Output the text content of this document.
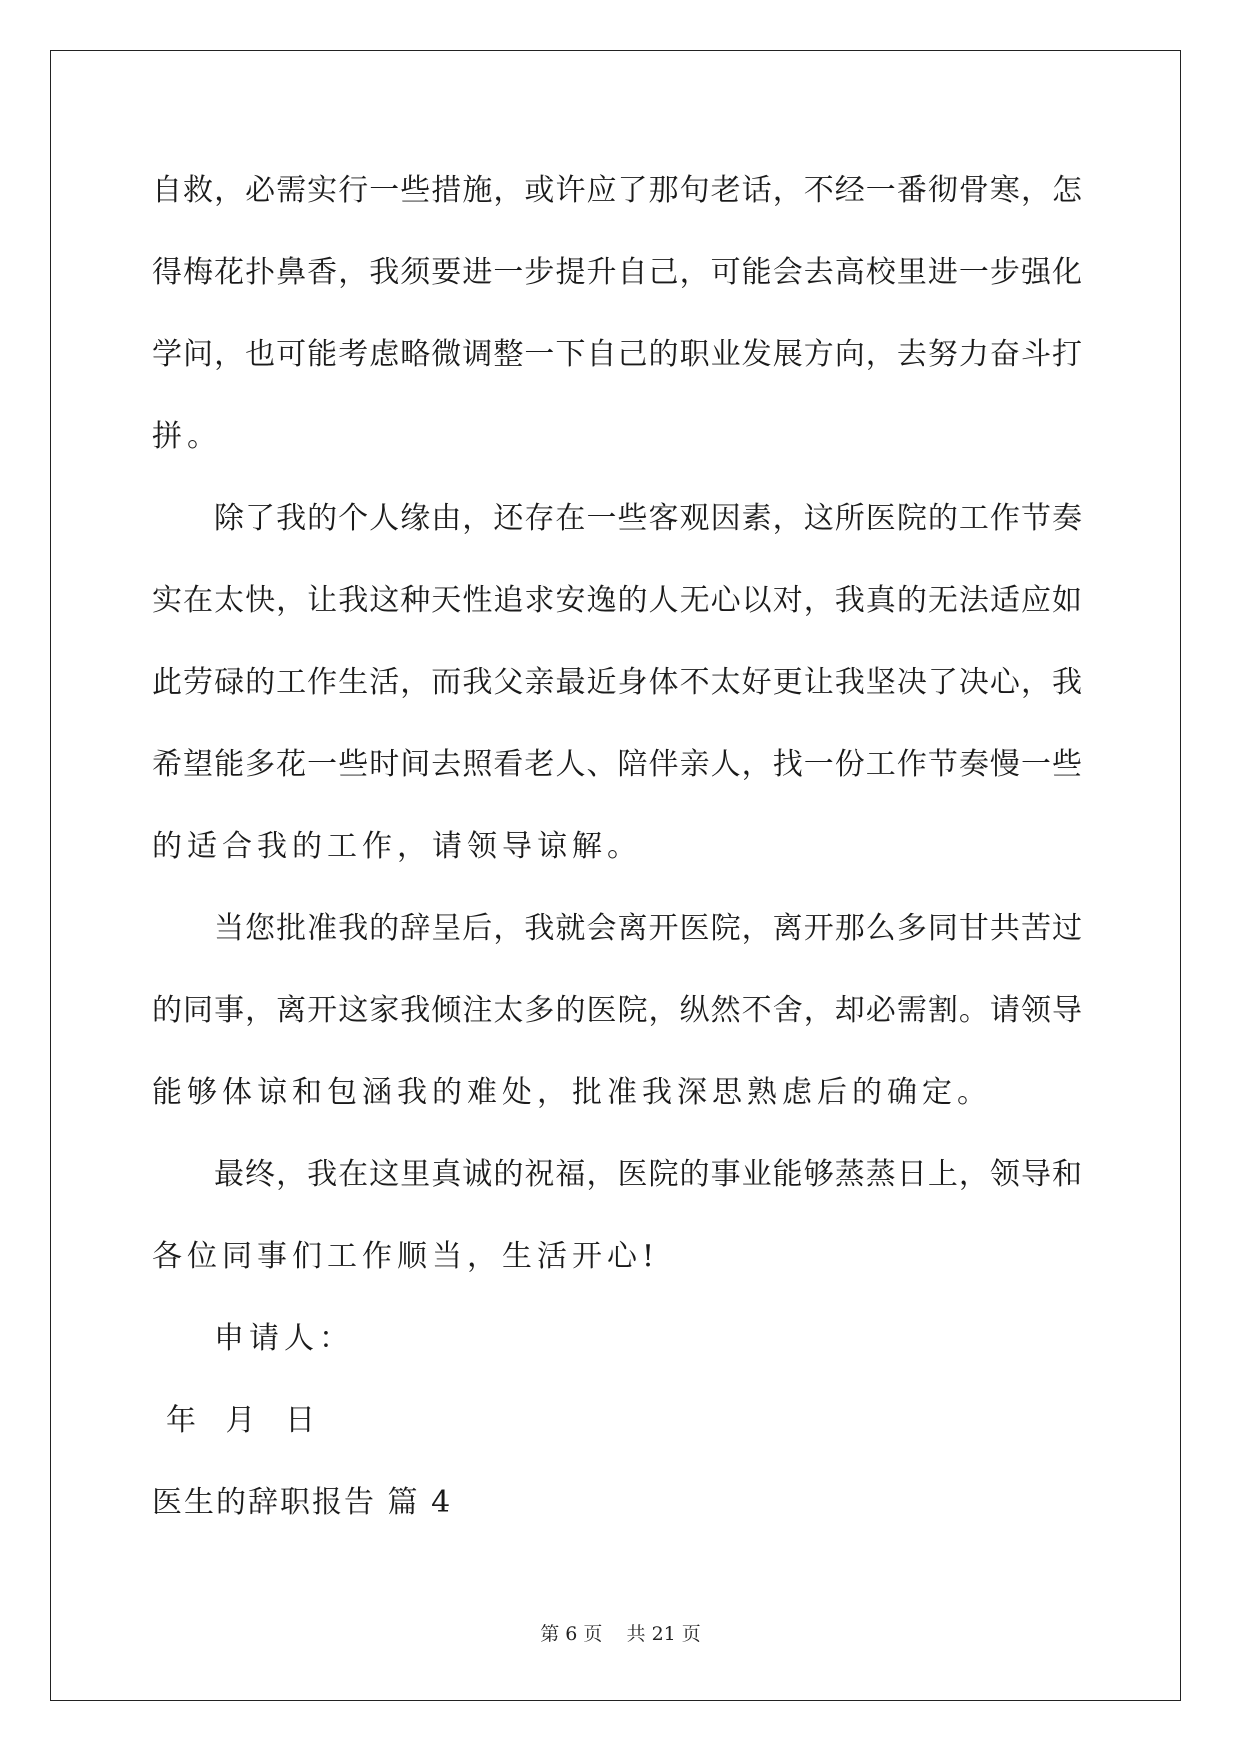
自救，必需实行一些措施，或许应了那句老话，不经一番彻骨寒，怎
得梅花扑鼻香，我须要进一步提升自己，可能会去高校里进一步强化
学问，也可能考虑略微调整一下自己的职业发展方向，去努力奋斗打
拼。
除了我的个人缘由，还存在一些客观因素，这所医院的工作节奏
实在太快，让我这种天性追求安逸的人无心以对，我真的无法适应如
此劳碌的工作生活，而我父亲最近身体不太好更让我坚决了决心，我
希望能多花一些时间去照看老人、陪伴亲人，找一份工作节奏慢一些
的适合我的工作，请领导谅解。
当您批准我的辞呈后，我就会离开医院，离开那么多同甘共苦过
的同事，离开这家我倾注太多的医院，纵然不舍，却必需割。请领导
能够体谅和包涵我的难处，批准我深思熟虑后的确定。
最终，我在这里真诚的祝福，医院的事业能够蒸蒸日上，领导和
各位同事们工作顺当，生活开心!
申请人：
年 月 日
医生的辞职报告 篇 4
第 6 页    共 21 页
